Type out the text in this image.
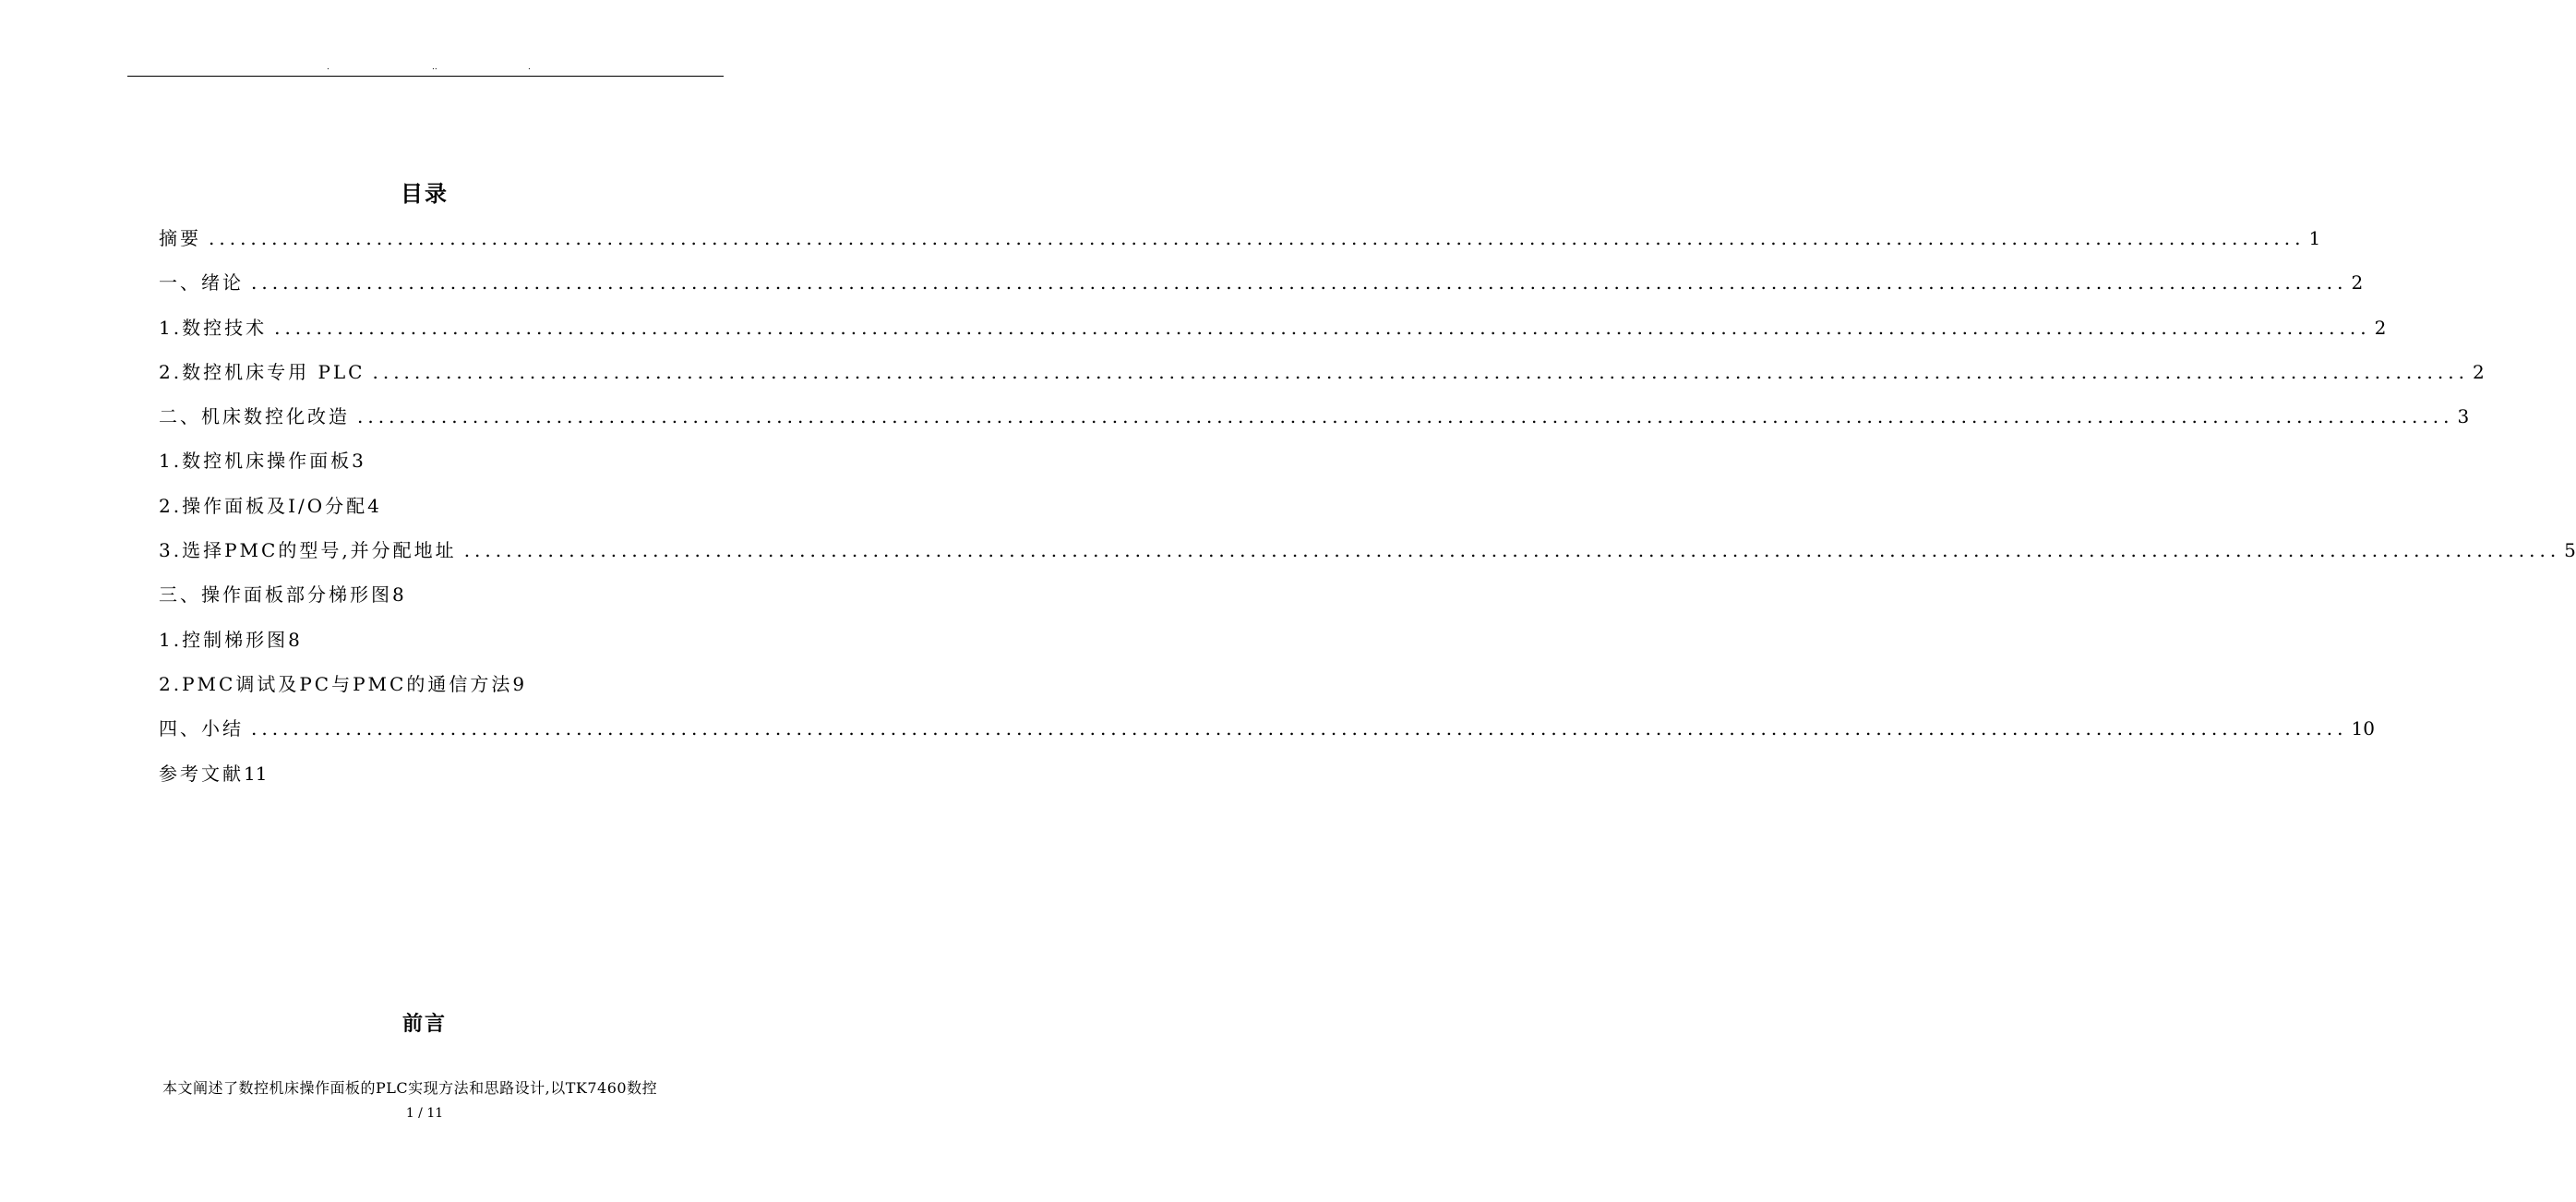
.	..	.
目录
摘要 ........................................................................................................................................................................................................ 1
一、绪论 ........................................................................................................................................................................................................ 2
1.数控技术 ........................................................................................................................................................................................................ 2
2.数控机床专用 PLC ........................................................................................................................................................................................................ 2
二、机床数控化改造 ........................................................................................................................................................................................................ 3
1.数控机床操作面板 3
2.操作面板及I/O分配 4
3.选择PMC的型号,并分配地址 ........................................................................................................................................................................................................ 5
三、操作面板部分梯形图 8
1.控制梯形图 8
2.PMC调试及PC与PMC的通信方法 9
四、小结 ........................................................................................................................................................................................................ 10
参考文献 11
前言

本文阐述了数控机床操作面板的PLC实现方法和思路设计,以TK7460数控

1 / 11
